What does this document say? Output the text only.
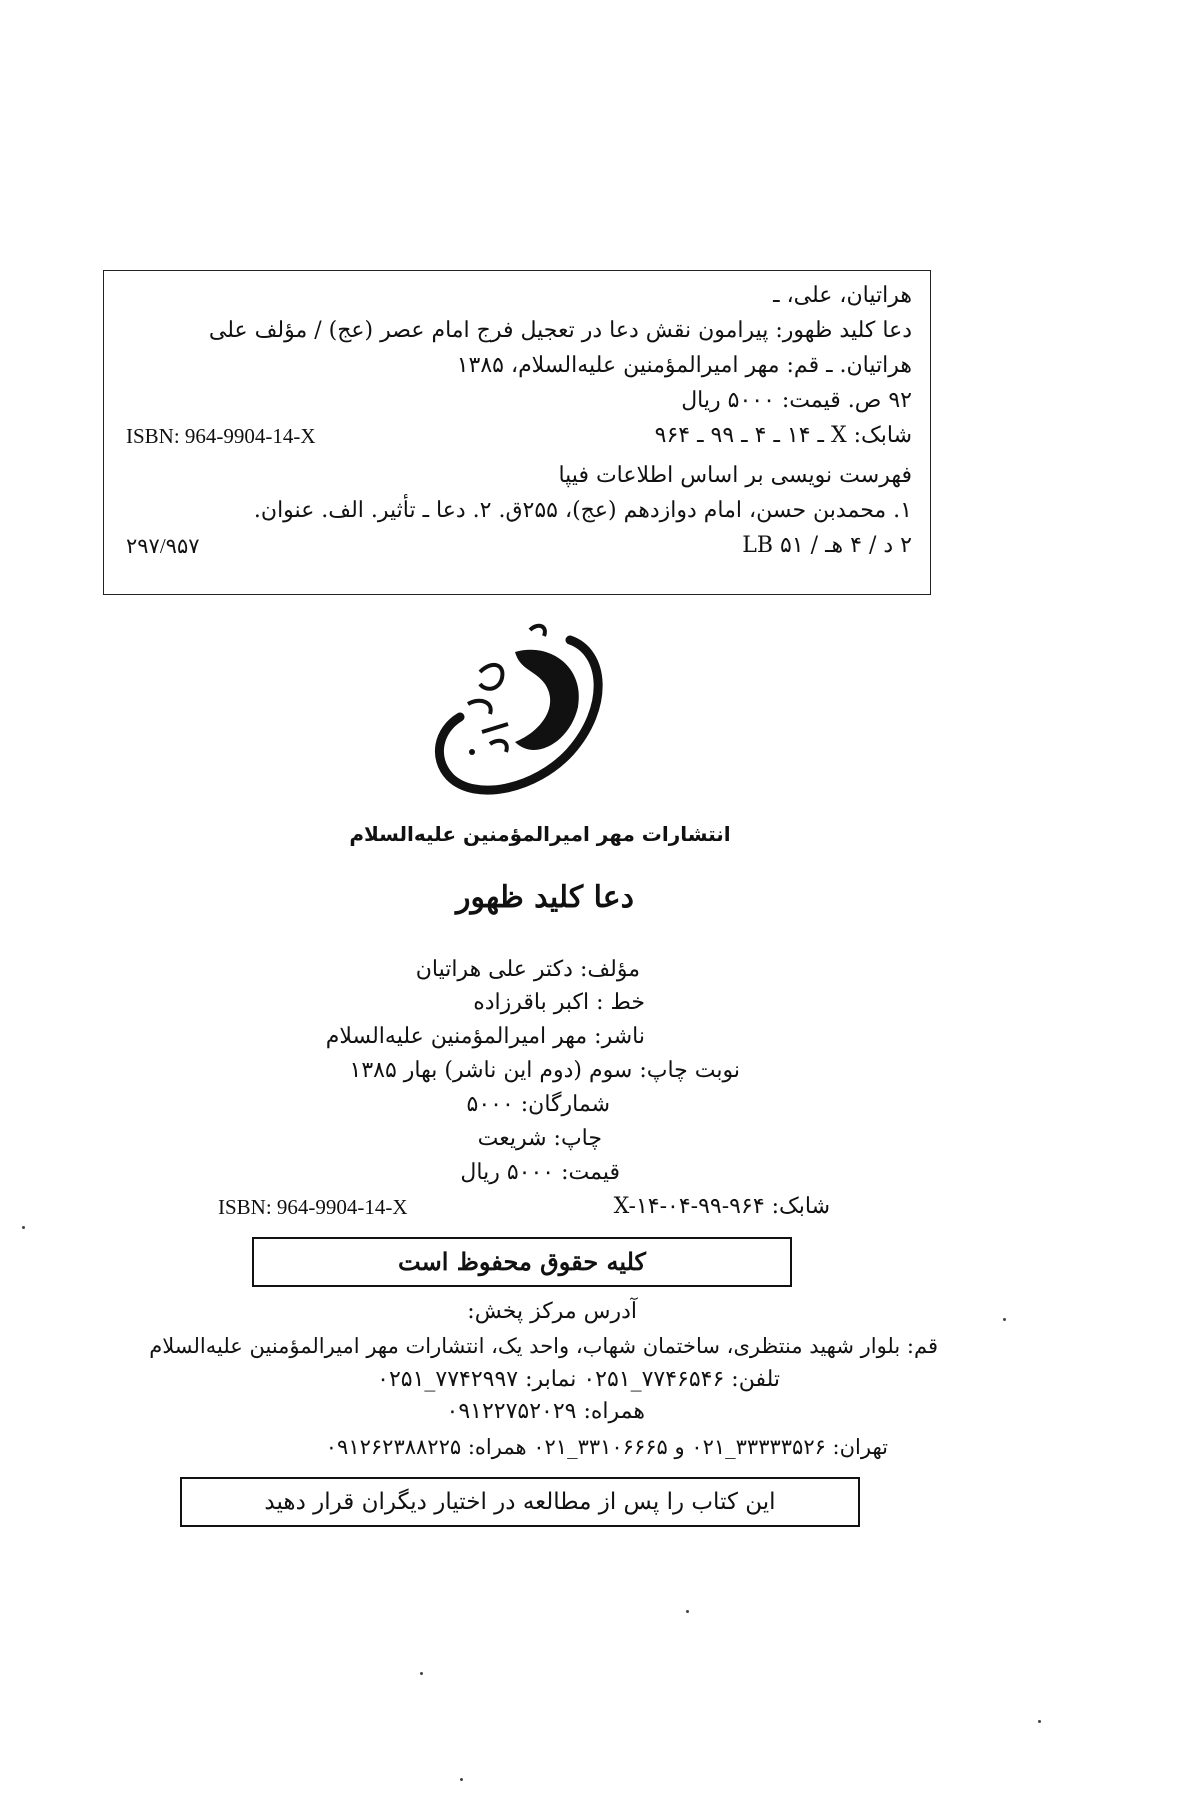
هراتیان، علی، ـ
دعا کلید ظهور: پیرامون نقش دعا در تعجیل فرج امام عصر (عج) / مؤلف علی
هراتیان. ـ قم: مهر امیرالمؤمنین علیه‌السلام، ۱۳۸۵
۹۲ ص. قیمت: ۵۰۰۰ ریال
شابک: X ـ ۱۴ ـ ۴ ـ ۹۹ ـ ۹۶۴
ISBN: 964-9904-14-X
فهرست نویسی بر اساس اطلاعات فیپا
۱. محمدبن حسن، امام دوازدهم (عج)، ۲۵۵ق. ۲. دعا ـ تأثیر. الف. عنوان.
۲ د / ۴ هـ / LB ۵۱
۲۹۷/۹۵۷
انتشارات مهر امیرالمؤمنین علیه‌السلام
دعا کلید ظهور
مؤلف: دکتر علی هراتیان
خط : اکبر باقرزاده
ناشر: مهر امیرالمؤمنین علیه‌السلام
نوبت چاپ: سوم (دوم این ناشر) بهار ۱۳۸۵
شمارگان: ۵۰۰۰
چاپ: شریعت
قیمت: ۵۰۰۰ ریال
شابک: X-۱۴-۰۴-۹۹-۹۶۴
ISBN: 964-9904-14-X
کلیه حقوق محفوظ است
آدرس مرکز پخش:
قم: بلوار شهید منتظری، ساختمان شهاب، واحد یک، انتشارات مهر امیرالمؤمنین علیه‌السلام
تلفن: ۷۷۴۶۵۴۶_۰۲۵۱ نمابر: ۷۷۴۲۹۹۷_۰۲۵۱
همراه: ۰۹۱۲۲۷۵۲۰۲۹
تهران: ۳۳۳۳۳۵۲۶_۰۲۱ و ۳۳۱۰۶۶۶۵_۰۲۱ همراه: ۰۹۱۲۶۲۳۸۸۲۲۵
این کتاب را پس از مطالعه در اختیار دیگران قرار دهید
